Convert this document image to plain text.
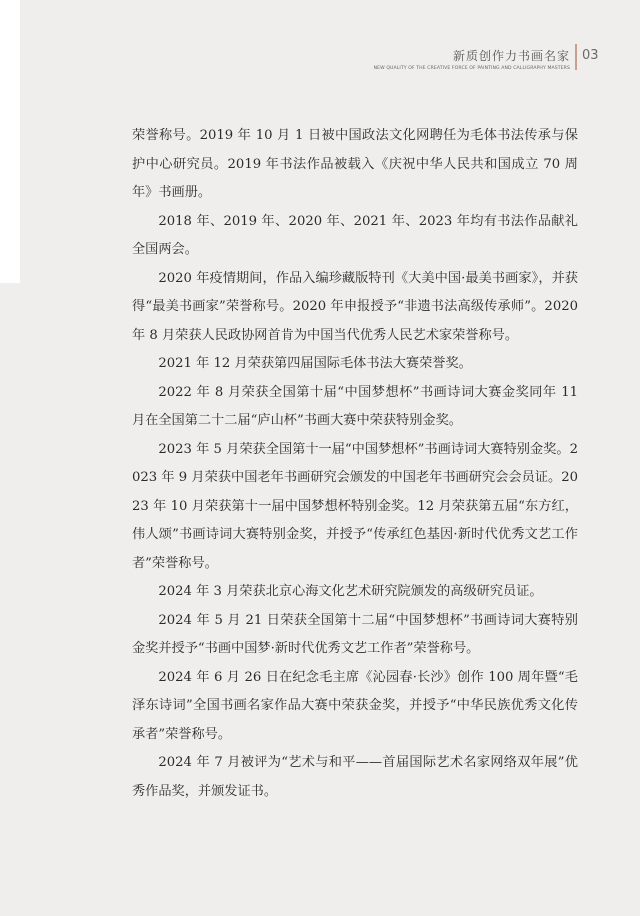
新质创作力书画名家
NEW QUALITY OF THE CREATIVE FORCE OF PAINTING AND CALLIGRAPHY MASTERS
03

荣誉称号。2019 年 10 月 1 日被中国政法文化网聘任为毛体书法传承与保护中心研究员。2019 年书法作品被载入《庆祝中华人民共和国成立 70 周年》书画册。

2018 年、2019 年、2020 年、2021 年、2023 年均有书法作品献礼全国两会。

2020 年疫情期间，作品入编珍藏版特刊《大美中国·最美书画家》，并获得“最美书画家”荣誉称号。2020 年申报授予“非遗书法高级传承师”。2020 年 8 月荣获人民政协网首肯为中国当代优秀人民艺术家荣誉称号。

2021 年 12 月荣获第四届国际毛体书法大赛荣誉奖。

2022 年 8 月荣获全国第十届“中国梦想杯”书画诗词大赛金奖同年 11 月在全国第二十二届“庐山杯”书画大赛中荣获特别金奖。

2023 年 5 月荣获全国第十一届“中国梦想杯”书画诗词大赛特别金奖。2023 年 9 月荣获中国老年书画研究会颁发的中国老年书画研究会会员证。2023 年 10 月荣获第十一届中国梦想杯特别金奖。12 月荣获第五届“东方红，伟人颂”书画诗词大赛特别金奖，并授予“传承红色基因·新时代优秀文艺工作者”荣誉称号。

2024 年 3 月荣获北京心海文化艺术研究院颁发的高级研究员证。

2024 年 5 月 21 日荣获全国第十二届“中国梦想杯”书画诗词大赛特别金奖并授予“书画中国梦·新时代优秀文艺工作者”荣誉称号。

2024 年 6 月 26 日在纪念毛主席《沁园春·长沙》创作 100 周年暨“毛泽东诗词”全国书画名家作品大赛中荣获金奖，并授予“中华民族优秀文化传承者”荣誉称号。

2024 年 7 月被评为“艺术与和平——首届国际艺术名家网络双年展”优秀作品奖，并颁发证书。
